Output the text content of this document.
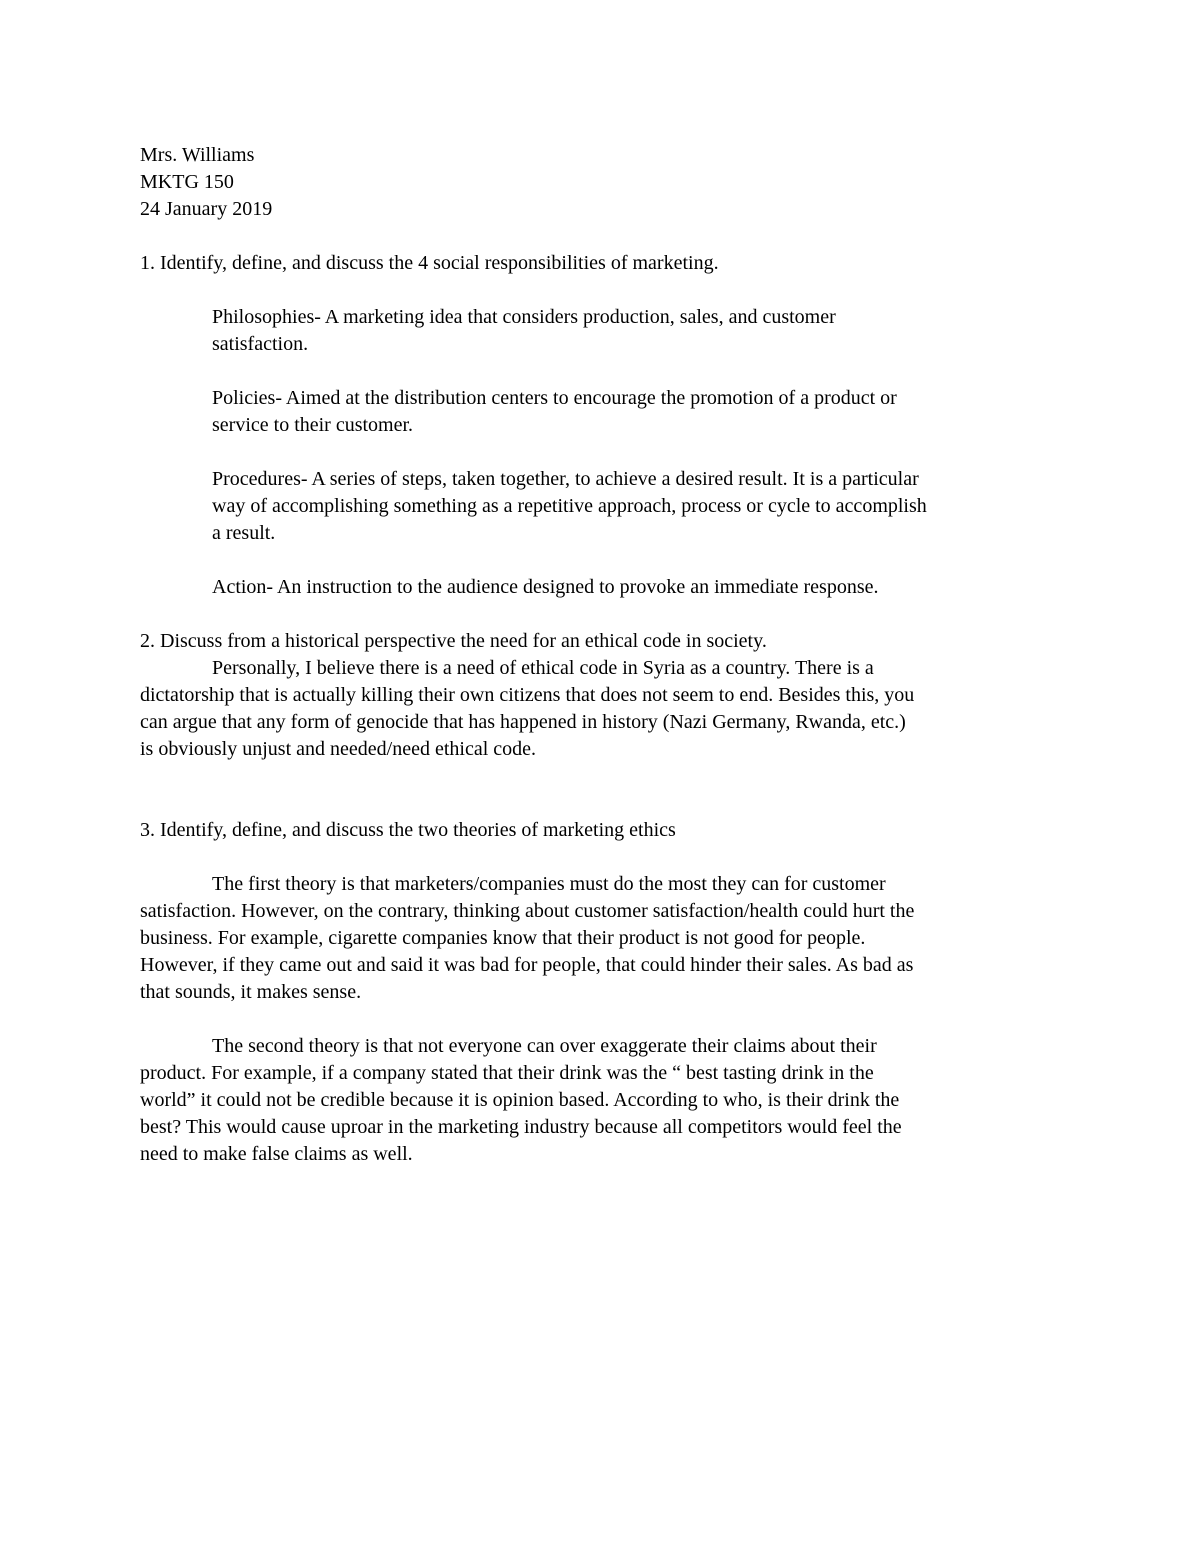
Mrs. Williams

MKTG 150

24 January 2019

1. Identify, define, and discuss the 4 social responsibilities of marketing.

Philosophies- A marketing idea that considers production, sales, and customer

satisfaction.

Policies- Aimed at the distribution centers to encourage the promotion of a product or

service to their customer.

Procedures- A series of steps, taken together, to achieve a desired result. It is a particular

way of accomplishing something as a repetitive approach, process or cycle to accomplish

a result.

Action- An instruction to the audience designed to provoke an immediate response.

2. Discuss from a historical perspective the need for an ethical code in society.

Personally, I believe there is a need of ethical code in Syria as a country. There is a

dictatorship that is actually killing their own citizens that does not seem to end. Besides this, you

can argue that any form of genocide that has happened in history (Nazi Germany, Rwanda, etc.)

is obviously unjust and needed/need ethical code.

3. Identify, define, and discuss the two theories of marketing ethics

The first theory is that marketers/companies must do the most they can for customer

satisfaction. However, on the contrary, thinking about customer satisfaction/health could hurt the

business. For example, cigarette companies know that their product is not good for people.

However, if they came out and said it was bad for people, that could hinder their sales. As bad as

that sounds, it makes sense.

The second theory is that not everyone can over exaggerate their claims about their

product. For example, if a company stated that their drink was the “ best tasting drink in the

world” it could not be credible because it is opinion based. According to who, is their drink the

best? This would cause uproar in the marketing industry because all competitors would feel the

need to make false claims as well.
